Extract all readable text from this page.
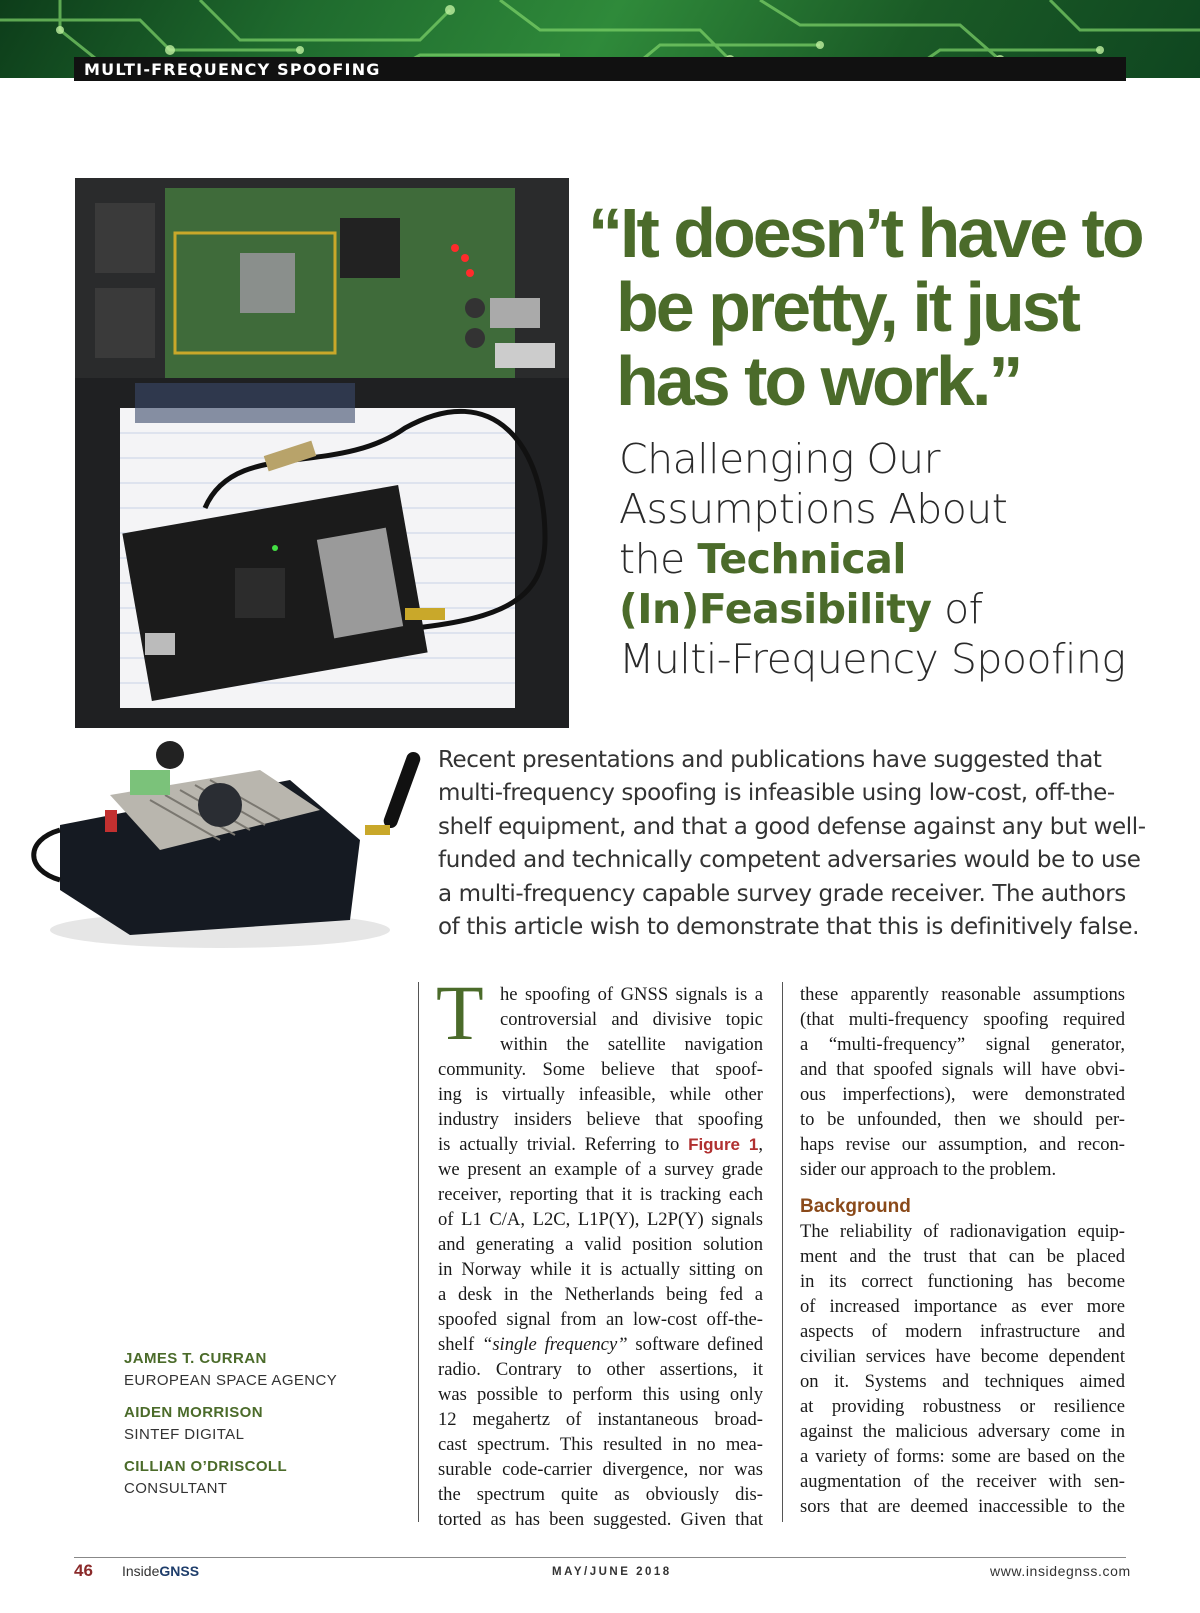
MULTI-FREQUENCY SPOOFING
“It doesn’t have to
be pretty, it just
has to work.”
Challenging Our
Assumptions About
the Technical
(In)Feasibility of
Multi-Frequency Spoofing
Recent presentations and publications have suggested that
multi-frequency spoofing is infeasible using low-cost, off-the-
shelf equipment, and that a good defense against any but well-
funded and technically competent adversaries would be to use
a multi-frequency capable survey grade receiver. The authors
of this article wish to demonstrate that this is definitively false.
T he spoofing of GNSS signals is a
controversial and divisive topic
within the satellite navigation
community. Some believe that spoof-
ing is virtually infeasible, while other
industry insiders believe that spoofing
is actually trivial. Referring to Figure 1,
we present an example of a survey grade
receiver, reporting that it is tracking each
of L1 C/A, L2C, L1P(Y), L2P(Y) signals
and generating a valid position solution
in Norway while it is actually sitting on
a desk in the Netherlands being fed a
spoofed signal from an low-cost off-the-
shelf “single frequency” software defined
radio. Contrary to other assertions, it
was possible to perform this using only
12 megahertz of instantaneous broad-
cast spectrum. This resulted in no mea-
surable code-carrier divergence, nor was
the spectrum quite as obviously dis-
torted as has been suggested. Given that
these apparently reasonable assumptions
(that multi-frequency spoofing required
a “multi-frequency” signal generator,
and that spoofed signals will have obvi-
ous imperfections), were demonstrated
to be unfounded, then we should per-
haps revise our assumption, and recon-
sider our approach to the problem.
Background
The reliability of radionavigation equip-
ment and the trust that can be placed
in its correct functioning has become
of increased importance as ever more
aspects of modern infrastructure and
civilian services have become dependent
on it. Systems and techniques aimed
at providing robustness or resilience
against the malicious adversary come in
a variety of forms: some are based on the
augmentation of the receiver with sen-
sors that are deemed inaccessible to the
JAMES T. CURRAN
EUROPEAN SPACE AGENCY
AIDEN MORRISON
SINTEF DIGITAL
CILLIAN O’DRISCOLL
CONSULTANT
46 InsideGNSS	MAY/JUNE 2018	www.insidegnss.com
